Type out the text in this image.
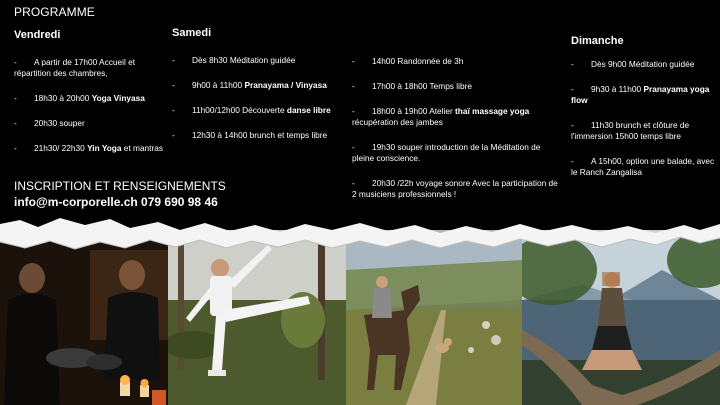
PROGRAMME
Vendredi
- A partir de 17h00 Accueil et répartition des chambres,
- 18h30 à 20h00 Yoga Vinyasa
- 20h30 souper
- 21h30/ 22h30 Yin Yoga et mantras
Samedi
- Dès 8h30 Méditation guidée
- 9h00 à 11h00 Pranayama / Vinyasa
- 11h00/12h00 Découverte danse libre
- 12h30 à 14h00 brunch et temps libre
- 14h00 Randonnée de 3h
- 17h00 à 18h00 Temps libre
- 18h00 à 19h00 Atelier thaï massage yoga récupération des jambes
- 19h30 souper introduction de la Méditation de pleine conscience.
- 20h30 /22h voyage sonore Avec la participation de 2 musiciens professionnels !
Dimanche
- Dès 9h00 Méditation guidée
- 9h30 à 11h00 Pranayama yoga flow
- 11h30 brunch et clôture de l'immersion 15h00 temps libre
- A 15h00, option une balade, avec le Ranch Zangalisa
INSCRIPTION ET RENSEIGNEMENTS
info@m-corporelle.ch 079 690 98 46
